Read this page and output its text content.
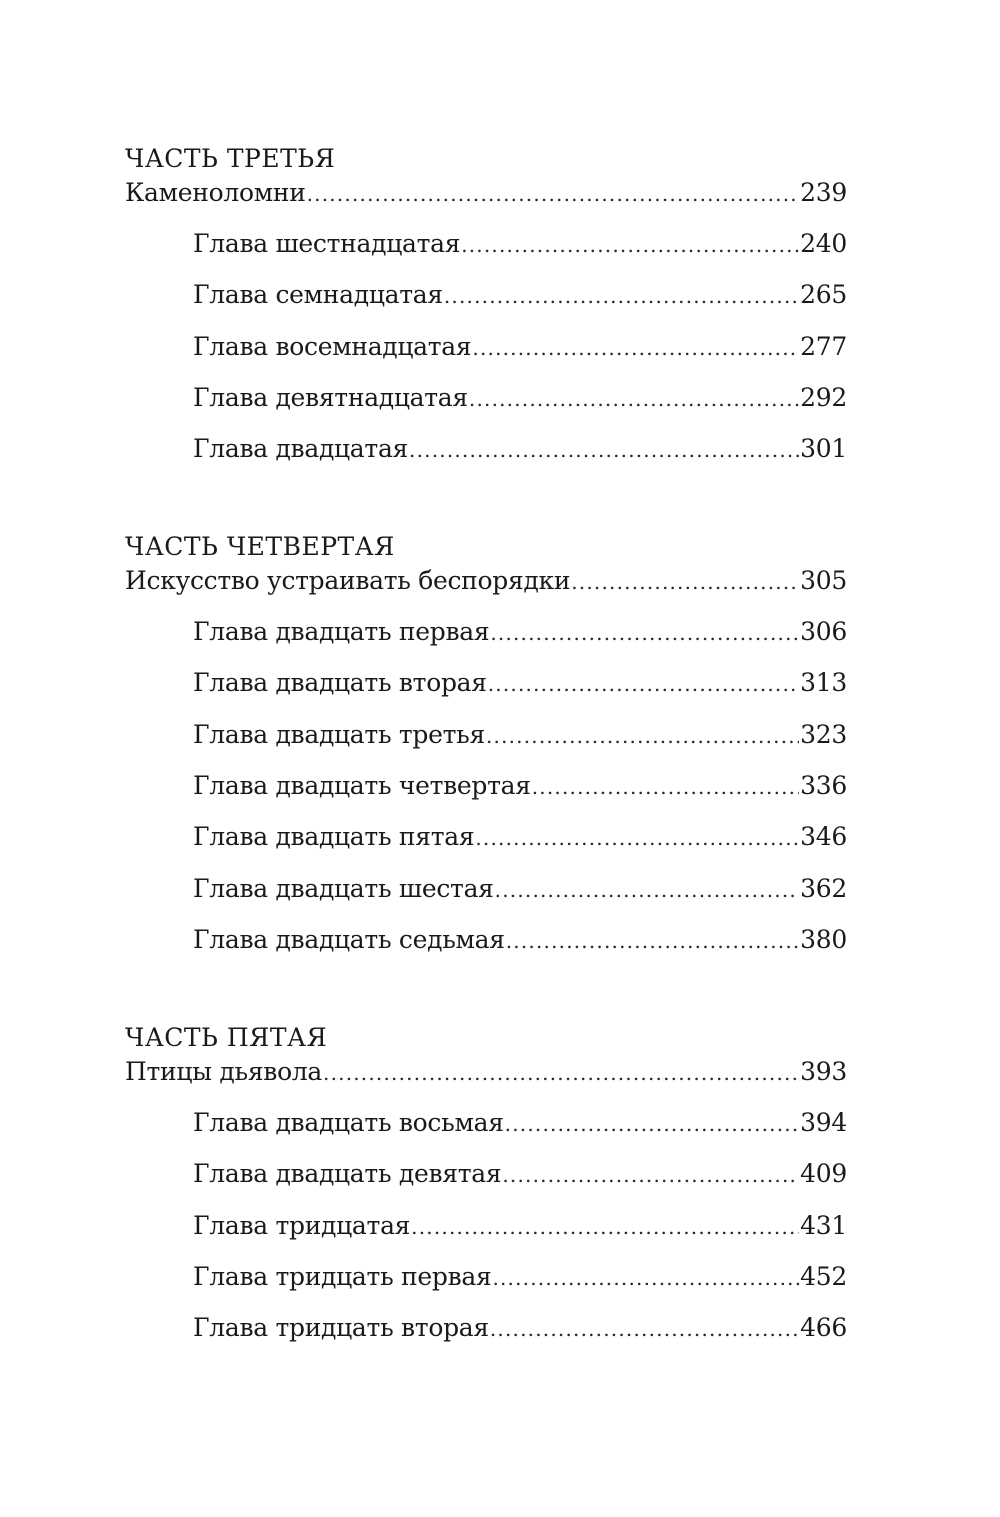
ЧАСТЬ ТРЕТЬЯ
Каменоломни .....	239
Глава шестнадцатая .....	240
Глава семнадцатая .....	265
Глава восемнадцатая .....	277
Глава девятнадцатая .....	292
Глава двадцатая .....	301
ЧАСТЬ ЧЕТВЕРТАЯ
Искусство устраивать беспорядки .....	305
Глава двадцать первая .....	306
Глава двадцать вторая .....	313
Глава двадцать третья .....	323
Глава двадцать четвертая .....	336
Глава двадцать пятая .....	346
Глава двадцать шестая .....	362
Глава двадцать седьмая .....	380
ЧАСТЬ ПЯТАЯ
Птицы дьявола .....	393
Глава двадцать восьмая .....	394
Глава двадцать девятая .....	409
Глава тридцатая .....	431
Глава тридцать первая .....	452
Глава тридцать вторая .....	466
